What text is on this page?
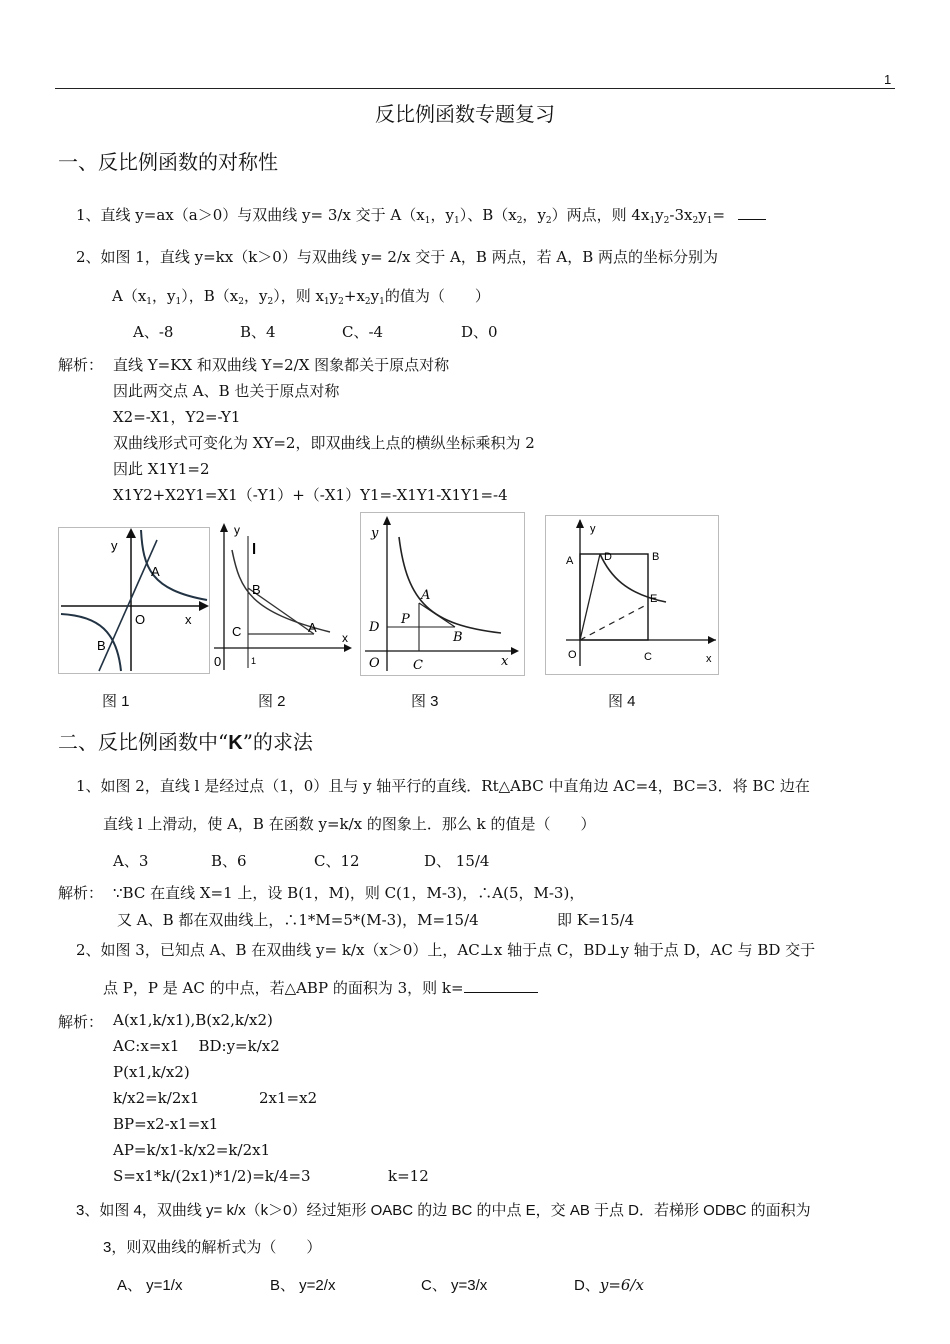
1
反比例函数专题复习
一、反比例函数的对称性
1、直线 y=ax（a＞0）与双曲线 y= 3/x 交于 $A(x_1$，$y_1$）、$B(x_2$，$y_2$）两点，则 $4x_1y_2-3x_2y_1=$
2、如图 1，直线 y=kx（k＞0）与双曲线 y= 2/x 交于 A，B 两点，若 A，B 两点的坐标分别为
$A(x_1$，$y_1$），$B(x_2$，$y_2$），则 $x_1y_2+x_2y_1$的值为（　　）
A、-8	B、4	C、-4	D、0
解析： 直线 Y=KX 和双曲线 Y=2/X 图象都关于原点对称
因此两交点 A、B 也关于原点对称
X2=-X1，Y2=-Y1
双曲线形式可变化为 XY=2，即双曲线上点的横纵坐标乘积为 2
因此 X1Y1=2
X1Y2+X2Y1=X1（-Y1）+（-X1）Y1=-X1Y1-X1Y1=-4
y
A
O	x
B
y
l
B
C	A
x
0	1
y
A
P
D
B
O	C	x
y
A	D	B
E
O	C	x
图 1	图 2	图 3	图 4
二、反比例函数中“K”的求法
1、如图 2，直线 l 是经过点（1，0）且与 y 轴平行的直线．Rt△ABC 中直角边 AC=4，BC=3．将 BC 边在
直线 l 上滑动，使 A，B 在函数 y=k/x 的图象上．那么 k 的值是（　　）
A、3	B、6	C、12	D、 15/4
解析： ∵BC 在直线 X=1 上，设 B(1，M)，则 C(1，M-3)，∴A(5，M-3)，
又 A、B 都在双曲线上，∴1*M=5*(M-3)，M=15/4	即 K=15/4
2、如图 3，已知点 A、B 在双曲线 y= k/x（x＞0）上，AC⊥x 轴于点 C，BD⊥y 轴于点 D，AC 与 BD 交于
点 P，P 是 AC 的中点，若△ABP 的面积为 3，则 k=
解析： A(x1,k/x1),B(x2,k/x2)
AC:x=x1    BD:y=k/x2
P(x1,k/x2)
k/x2=k/2x1	2x1=x2
BP=x2-x1=x1
AP=k/x1-k/x2=k/2x1
S=x1*k/(2x1)*1/2)=k/4=3	k=12
3、如图 4，双曲线 y= k/x（k＞0）经过矩形 OABC 的边 BC 的中点 E，交 AB 于点 D．若梯形 ODBC 的面积为
3，则双曲线的解析式为（　　）
A、 y=1/x	B、 y=2/x	C、 y=3/x	D、y=6/x
